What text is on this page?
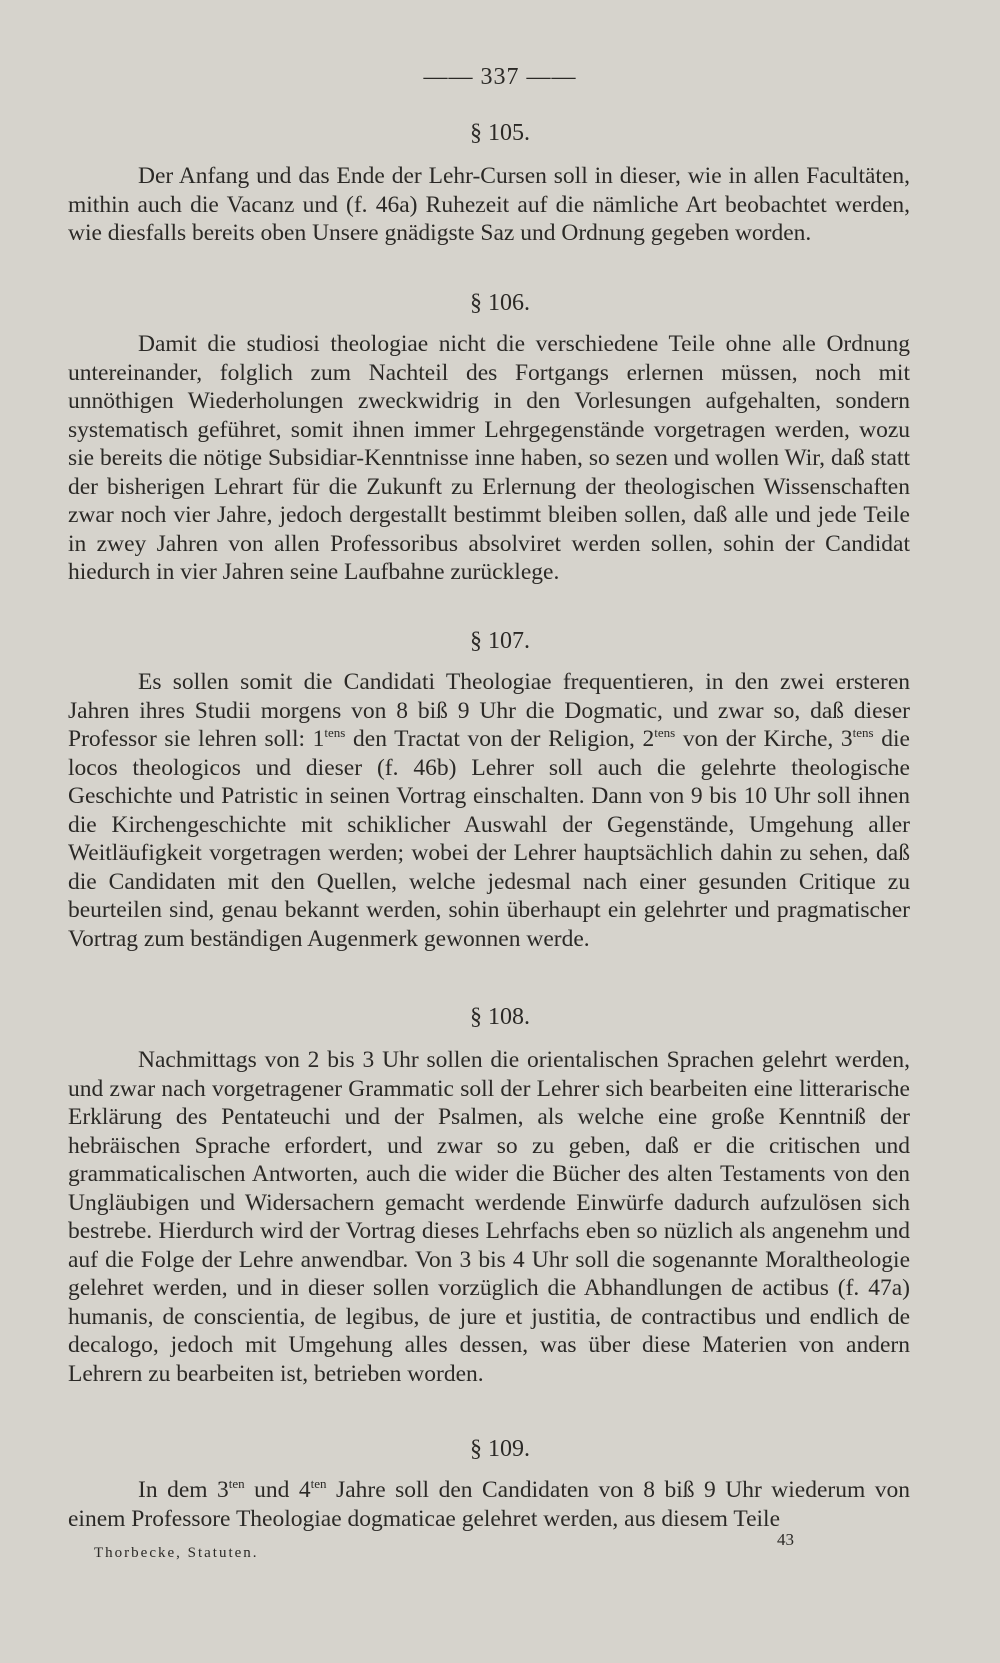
—— 337 ——
§ 105.

Der Anfang und das Ende der Lehr-Cursen soll in dieser, wie in allen Facultäten, mithin auch die Vacanz und (f. 46a) Ruhezeit auf die nämliche Art beobachtet werden, wie diesfalls bereits oben Unsere gnädigste Saz und Ordnung gegeben worden.

§ 106.

Damit die studiosi theologiae nicht die verschiedene Teile ohne alle Ordnung untereinander, folglich zum Nachteil des Fortgangs erlernen müssen, noch mit unnöthigen Wiederholungen zweckwidrig in den Vorlesungen aufgehalten, sondern systematisch geführet, somit ihnen immer Lehrgegenstände vorgetragen werden, wozu sie bereits die nötige Subsidiar-Kenntnisse inne haben, so sezen und wollen Wir, daß statt der bisherigen Lehrart für die Zukunft zu Erlernung der theologischen Wissenschaften zwar noch vier Jahre, jedoch dergestallt bestimmt bleiben sollen, daß alle und jede Teile in zwey Jahren von allen Professoribus absolviret werden sollen, sohin der Candidat hiedurch in vier Jahren seine Laufbahne zurücklege.

§ 107.

Es sollen somit die Candidati Theologiae frequentieren, in den zwei ersteren Jahren ihres Studii morgens von 8 biß 9 Uhr die Dogmatic, und zwar so, daß dieser Professor sie lehren soll: $1^{tens}$ den Tractat von der Religion, $2^{tens}$ von der Kirche, $3^{tens}$ die locos theologicos und dieser (f. 46b) Lehrer soll auch die gelehrte theologische Geschichte und Patristic in seinen Vortrag einschalten. Dann von 9 bis 10 Uhr soll ihnen die Kirchengeschichte mit schiklicher Auswahl der Gegenstände, Umgehung aller Weitläufigkeit vorgetragen werden; wobei der Lehrer hauptsächlich dahin zu sehen, daß die Candidaten mit den Quellen, welche jedesmal nach einer gesunden Critique zu beurteilen sind, genau bekannt werden, sohin überhaupt ein gelehrter und pragmatischer Vortrag zum beständigen Augenmerk gewonnen werde.

§ 108.

Nachmittags von 2 bis 3 Uhr sollen die orientalischen Sprachen gelehrt werden, und zwar nach vorgetragener Grammatic soll der Lehrer sich bearbeiten eine litterarische Erklärung des Pentateuchi und der Psalmen, als welche eine große Kenntniß der hebräischen Sprache erfordert, und zwar so zu geben, daß er die critischen und grammaticalischen Antworten, auch die wider die Bücher des alten Testaments von den Ungläubigen und Widersachern gemacht werdende Einwürfe dadurch aufzulösen sich bestrebe. Hierdurch wird der Vortrag dieses Lehrfachs eben so nüzlich als angenehm und auf die Folge der Lehre anwendbar. Von 3 bis 4 Uhr soll die sogenannte Moraltheologie gelehret werden, und in dieser sollen vorzüglich die Abhandlungen de actibus (f. 47a) humanis, de conscientia, de legibus, de jure et justitia, de contractibus und endlich de decalogo, jedoch mit Umgehung alles dessen, was über diese Materien von andern Lehrern zu bearbeiten ist, betrieben worden.

§ 109.

In dem $3^{ten}$ und $4^{ten}$ Jahre soll den Candidaten von 8 biß 9 Uhr wiederum von einem Professore Theologiae dogmaticae gelehret werden, aus diesem Teile

43
Thorbecke, Statuten.
